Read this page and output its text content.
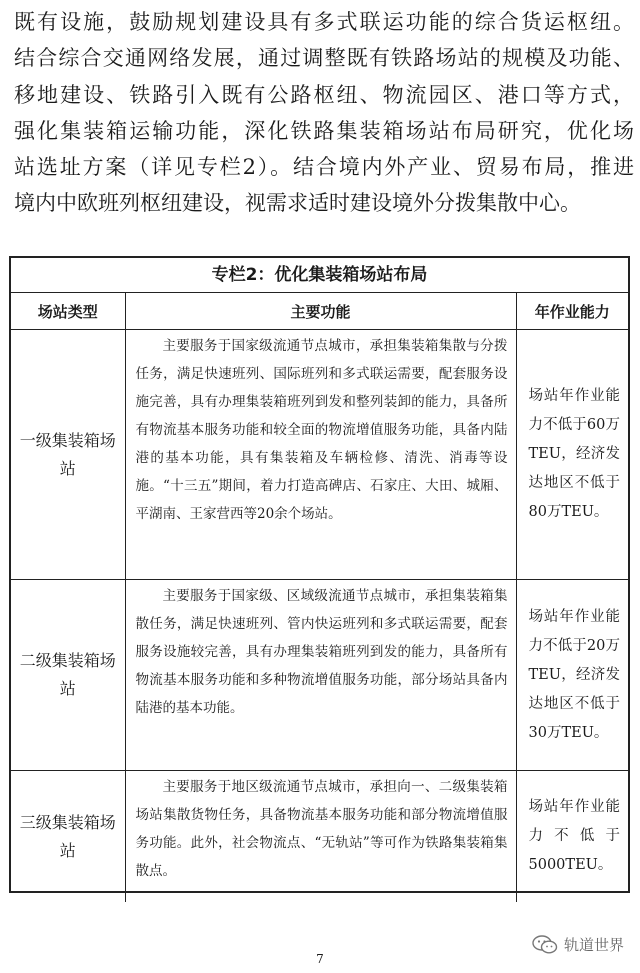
既有设施，鼓励规划建设具有多式联运功能的综合货运枢纽。
结合综合交通网络发展，通过调整既有铁路场站的规模及功能、
移地建设、铁路引入既有公路枢纽、物流园区、港口等方式，
强化集装箱运输功能，深化铁路集装箱场站布局研究，优化场
站选址方案（详见专栏2）。结合境内外产业、贸易布局，推进
境内中欧班列枢纽建设，视需求适时建设境外分拨集散中心。
专栏2：优化集装箱场站布局
场站类型	主要功能	年作业能力
一级集装箱场站	主要服务于国家级流通节点城市，承担集装箱集散与分拨任务，满足快速班列、国际班列和多式联运需要，配套服务设施完善，具有办理集装箱班列到发和整列装卸的能力，具备所有物流基本服务功能和较全面的物流增值服务功能，具备内陆港的基本功能，具有集装箱及车辆检修、清洗、消毒等设施。“十三五”期间，着力打造高碑店、石家庄、大田、城厢、平湖南、王家营西等20余个场站。	场站年作业能力不低于60万TEU，经济发达地区不低于80万TEU。
二级集装箱场站	主要服务于国家级、区域级流通节点城市，承担集装箱集散任务，满足快速班列、管内快运班列和多式联运需要，配套服务设施较完善，具有办理集装箱班列到发的能力，具备所有物流基本服务功能和多种物流增值服务功能，部分场站具备内陆港的基本功能。	场站年作业能力不低于20万TEU，经济发达地区不低于30万TEU。
三级集装箱场站	主要服务于地区级流通节点城市，承担向一、二级集装箱场站集散货物任务，具备物流基本服务功能和部分物流增值服务功能。此外，社会物流点、“无轨站”等可作为铁路集装箱集散点。	场站年作业能力不低于5000TEU。
轨道世界
7
